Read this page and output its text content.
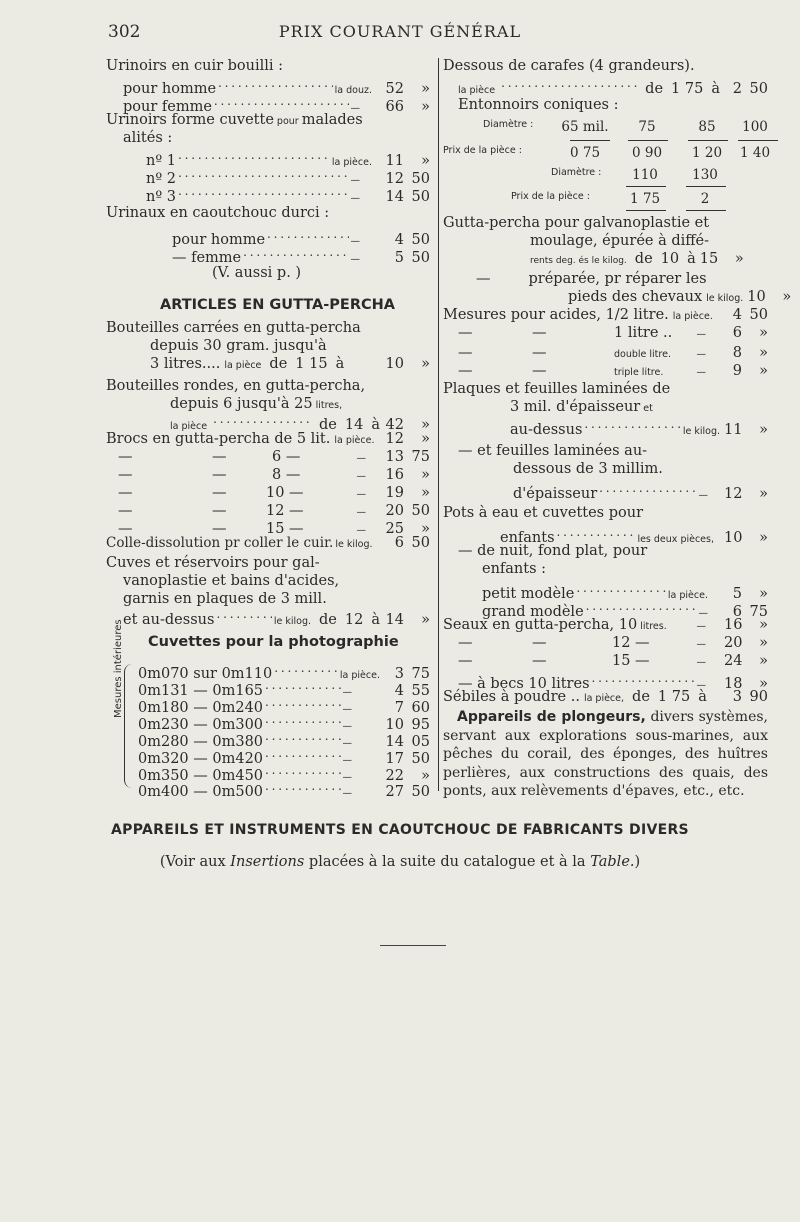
302	PRIX COURANT GÉNÉRAL
Urinoirs en cuir bouilli :
pour homme . . .	la douz. 52	»
pour femme . . .	—	66	»
Urinoirs forme cuvette pour malades
alités :
nº 1 . . .	la pièce. 11	»
nº 2 . . .	—	12 50
nº 3 . . .	—	14 50
Urinaux en caoutchouc durci :
pour homme . . .	—	4 50
— femme . . .	—	5 50
(V. aussi p. )
ARTICLES EN GUTTA-PERCHA
Bouteilles carrées en gutta-percha
depuis 30 gram. jusqu'à
3 litres.... la pièce de 1 15 à	10	»
Bouteilles rondes, en gutta-percha,
depuis 6 jusqu'à 25 litres,
la pièce . . .	de 14 à 42	»
Brocs en gutta-percha de 5 lit. la pièce. 12	»
—	—	6 —	— 13 75
—	—	8 —	— 16	»
—	—	10 —	— 19	»
—	—	12 —	— 20 50
—	—	15 —	— 25	»
Colle-dissolution pr coller le cuir. le kilog.	6 50
Cuves et réservoirs pour gal-
vanoplastie et bains d'acides,
garnis en plaques de 3 mill.
et au-dessus . . .	le kilog. de 12 à 14	»
Cuvettes pour la photographie
Mesures intérieures 0m070 sur 0m110 . . .	la pièce.	3 75
0m131 — 0m165 . . .	—	4 55
0m180 — 0m240 . . .	—	7 60
0m230 — 0m300 . . .	— 10 95
0m280 — 0m380 . . .	— 14 05
0m320 — 0m420 . . .	— 17 50
0m350 — 0m450 . . .	— 22	»
0m400 — 0m500 . . .	— 27 50
Dessous de carafes (4 grandeurs).
la pièce . . .	de 1 75 à 2 50
Entonnoirs coniques :
Diamètre :	65 mil.	75	85	100
Prix de la pièce :	0 75	0 90	1 20	1 40
Diamètre :	110	130
Prix de la pièce :	1 75	2
Gutta-percha pour galvanoplastie et
moulage, épurée à diffé-
rents deg. és le kilog. de 10 à 15	»
—	préparée, pr réparer les
pieds des chevaux le kilog. 10	»
Mesures pour acides, 1/2 litre. la pièce.	4 50
—	—	1 litre ..	—	6	»
—	—	double litre.	—	8	»
—	—	triple litre.	—	9	»
Plaques et feuilles laminées de
3 mil. d'épaisseur et
au-dessus . . .	le kilog. 11	»
— et feuilles laminées au-
dessous de 3 millim.
d'épaisseur . . .	— 12	»
Pots à eau et cuvettes pour
enfants . . .	les deux pièces, 10	»
— de nuit, fond plat, pour
enfants :
petit modèle . . .	la pièce.	5	»
grand modèle . . .	—	6 75
Seaux en gutta-percha, 10 litres.	— 16	»
—	—	12 —	— 20	»
—	—	15 —	— 24	»
— à becs 10 litres . . .	— 18	»
Sébiles à poudre .. la pièce, de 1 75 à	3 90

Appareils de plongeurs, divers systèmes,

servant aux explorations sous-marines, aux

pêches du corail, des éponges, des huîtres

perlières, aux constructions des quais, des

ponts, aux relèvements d'épaves, etc., etc.

APPAREILS ET INSTRUMENTS EN CAOUTCHOUC DE FABRICANTS DIVERS
(Voir aux Insertions placées à la suite du catalogue et à la Table.)
